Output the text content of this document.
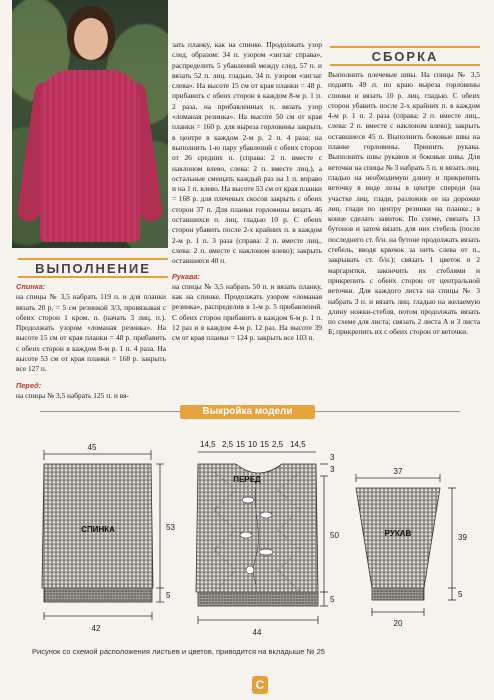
ВЫПОЛНЕНИЕ

Спинка:

на спицы № 3,5 набрать 119 п. и для планки вязать 20 р. = 5 см резинкой 3/3, провязывая с обеих сторон 1 кром. п. (начать 3 лиц. п.). Продолжать узором «ломаная резинка». На высоте 15 см от края планки = 48 р. прибавить с обеих сторон в каждом 8-м р. 1 п. 4 раза. На высоте 53 см от края планки = 168 р. закрыть все 127 п.

Перед:

на спицы № 3,5 набрать 125 п. и вя-

зать планку, как на спинке. Продолжать узор след. образом: 34 п. узором «зигзаг справа», распределить 5 убавлений между след. 57 п. и вязать 52 п. лиц. гладью, 34 п. узором «зигзаг слева». На высоте 15 см от края планки = 48 р. прибавить с обеих сторон в каждом 8-м р. 1 п. 2 раза, на прибавленных п. вязать узор «ломаная резинка». На высоте 50 см от края планки = 160 р. для выреза горловины закрыть в центре в каждом 2-м р. 2 п. 4 раза; на выполнить 1-ю пару убавлений с обеих сторон от 26 средних п. (справа: 2 п. вместе с наклоном влево, слева: 2 п. вместе лиц.), а остальные смещать каждый раз на 1 п. вправо и на 1 п. влево. На высоте 53 см от края планки = 168 р. для плечевых скосов закрыть с обеих сторон 37 п. Для планки горловины вязать 46 оставшихся п. лиц. гладью 10 р. С обеих сторон убавить после 2-х крайних п. в каждом 2-м р. 1 п. 3 раза (справа: 2 п. вместе лиц., слева: 2 п. вместе с наклоном влево); закрыть оставшиеся 40 п.

Рукава:

на спицы № 3,5 набрать 50 п. и вязать планку, как на спинке. Продолжать узором «ломаная резинка», распределив в 1-м р. 5 прибавлений. С обеих сторон прибавить в каждом 6-м р. 1 п. 12 раз и в каждом 4-м р. 12 раз. На высоте 39 см от края планки = 124 р. закрыть все 103 п.

СБОРКА

Выполнить плечевые швы. На спицы № 3,5 поднять 49 п. по краю выреза горловины спинки и вязать 10 р. лиц. гладью. С обеих сторон убавить после 2-х крайних п. в каждом 4-м р. 1 п. 2 раза (справа: 2 п. вместе лиц., слева: 2 п. вместе с наклоном влево); закрыть оставшиеся 45 п. Выполнить боковые швы на планке горловины. Пришить рукава. Выполнить швы рукавов и боковые швы. Для веточки на спицы № 3 набрать 5 п. и вязать лиц. гладью на необходимую длину и прикрепить веточку в виде лозы в центре спереди (на участке лиц. глади, разложив ее на дорожке лиц. глади по центру резинки на планке.; в конце сделать завиток. По схеме, связать 13 бутонов и затем вязать для них стебель (после последнего ст. б/н. на бутоне продолжать вязать стебель, вводя крючок за нить слева от п., закрывать ст. б/н.); связать 1 цветок и 2 маргаритки, закончить их стеблями и прикрепить с обеих сторон от центральной веточки. Для каждого листа на спицы № 3 набрать 3 п. и вязать лиц. гладью на желаемую длину ножки-стебля, потом продолжать вязать по схеме для листа; связать 2 листа А и 3 листа Б; прикрепить их с обеих сторон от веточки.

Выкройка модели
45
42
53
5
СПИНКА
14,5 2,5 15 10 15 2,5 14,5
3
3
50
5
44
ПЕРЕД
37
20
39
5
РУКАВ
Рисунок со схемой расположения листьев и цветов, приводится на вкладыше № 25
С
